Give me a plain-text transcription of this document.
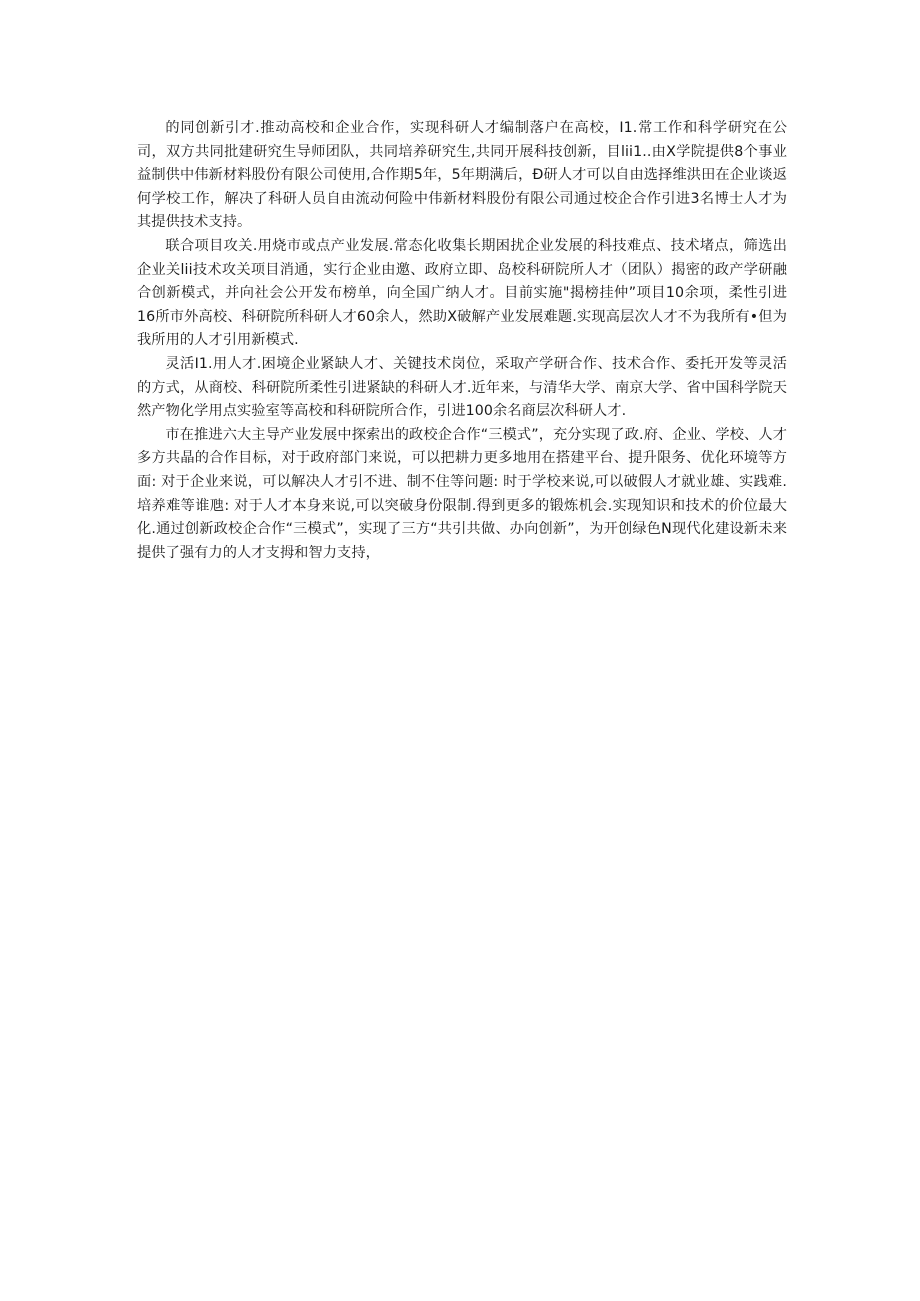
的同创新引才.推动高校和企业合作，实现科研人才编制落户在高校，I1.常工作和科学研究在公司，双方共同批建研究生导师团队，共同培养研究生,共同开展科技创新，目lii1..由X学院提供8个事业益制供中伟新材料股份有限公司使用,合作期5年，5年期满后，Ð研人才可以自由选择维洪田在企业谈返何学校工作，解决了科研人员自由流动何险中伟新材料股份有限公司通过校企合作引进3名博士人才为其提供技术支持。

联合项目攻关.用烧市或点产业发展.常态化收集长期困扰企业发展的科技难点、技术堵点，筛选出企业关lii技术攻关项目消通，实行企业由邀、政府立即、岛校科研院所人才（团队）揭密的政产学研融合创新模式，并向社会公开发布榜单，向全国广纳人才。目前实施"揭榜挂仲”项目10余项，柔性引进16所市外高校、科研院所科研人才60余人，然助X破解产业发展难题.实现高层次人才不为我所有•但为我所用的人才引用新模式.

灵活I1.用人才.困境企业紧缺人才、关键技术岗位，采取产学研合作、技术合作、委托开发等灵活的方式，从商校、科研院所柔性引进紧缺的科研人才.近年来，与清华大学、南京大学、省中国科学院天然产物化学用点实验室等高校和科研院所合作，引进100余名商层次科研人才.

市在推进六大主导产业发展中探索出的政校企合作“三模式”，充分实现了政.府、企业、学校、人才多方共晶的合作目标，对于政府部门来说，可以把耕力更多地用在搭建平台、提升限务、优化环境等方面: 对于企业来说，可以解决人才引不进、制不住等问题: 时于学校来说,可以破假人才就业雄、实践难.培养难等谁虺: 对于人才本身来说,可以突破身份限制.得到更多的锻炼机会.实现知识和技术的价位最大化.通过创新政校企合作“三模式”，实现了三方“共引共做、办向创新”，为开创绿色N现代化建设新未来提供了强有力的人才支拇和智力支持，
